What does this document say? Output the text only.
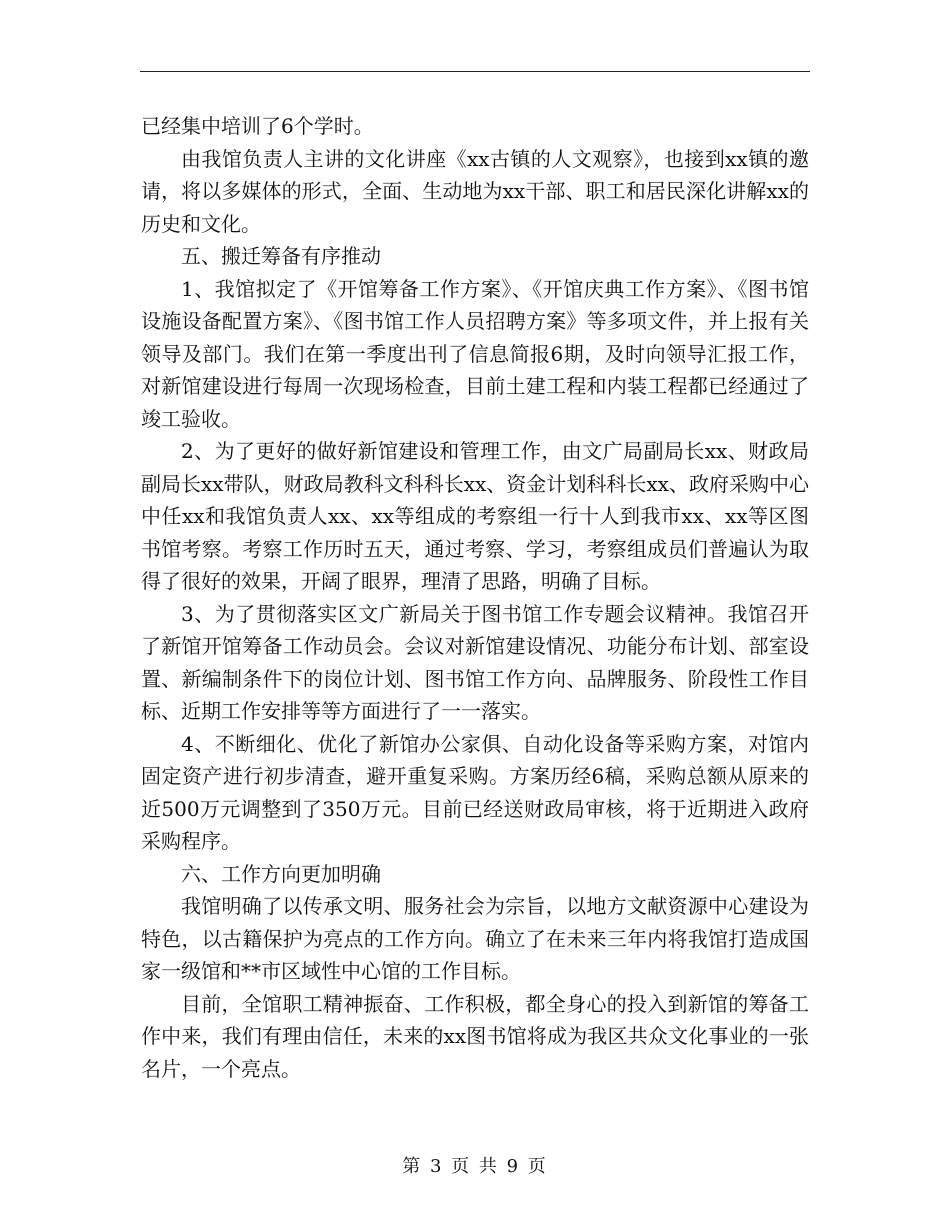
已经集中培训了6个学时。

由我馆负责人主讲的文化讲座《xx古镇的人文观察》，也接到xx镇的邀请，将以多媒体的形式，全面、生动地为xx干部、职工和居民深化讲解xx的历史和文化。

五、搬迁筹备有序推动

1、我馆拟定了《开馆筹备工作方案》、《开馆庆典工作方案》、《图书馆设施设备配置方案》、《图书馆工作人员招聘方案》等多项文件，并上报有关领导及部门。我们在第一季度出刊了信息简报6期，及时向领导汇报工作，对新馆建设进行每周一次现场检查，目前土建工程和内装工程都已经通过了竣工验收。

2、为了更好的做好新馆建设和管理工作，由文广局副局长xx、财政局副局长xx带队，财政局教科文科科长xx、资金计划科科长xx、政府采购中心中任xx和我馆负责人xx、xx等组成的考察组一行十人到我市xx、xx等区图书馆考察。考察工作历时五天，通过考察、学习，考察组成员们普遍认为取得了很好的效果，开阔了眼界，理清了思路，明确了目标。

3、为了贯彻落实区文广新局关于图书馆工作专题会议精神。我馆召开了新馆开馆筹备工作动员会。会议对新馆建设情况、功能分布计划、部室设置、新编制条件下的岗位计划、图书馆工作方向、品牌服务、阶段性工作目标、近期工作安排等等方面进行了一一落实。

4、不断细化、优化了新馆办公家俱、自动化设备等采购方案，对馆内固定资产进行初步清查，避开重复采购。方案历经6稿，采购总额从原来的近500万元调整到了350万元。目前已经送财政局审核，将于近期进入政府采购程序。

六、工作方向更加明确

我馆明确了以传承文明、服务社会为宗旨，以地方文献资源中心建设为特色，以古籍保护为亮点的工作方向。确立了在未来三年内将我馆打造成国家一级馆和**市区域性中心馆的工作目标。

目前，全馆职工精神振奋、工作积极，都全身心的投入到新馆的筹备工作中来，我们有理由信任，未来的xx图书馆将成为我区共众文化事业的一张名片，一个亮点。

第 3 页 共 9 页
